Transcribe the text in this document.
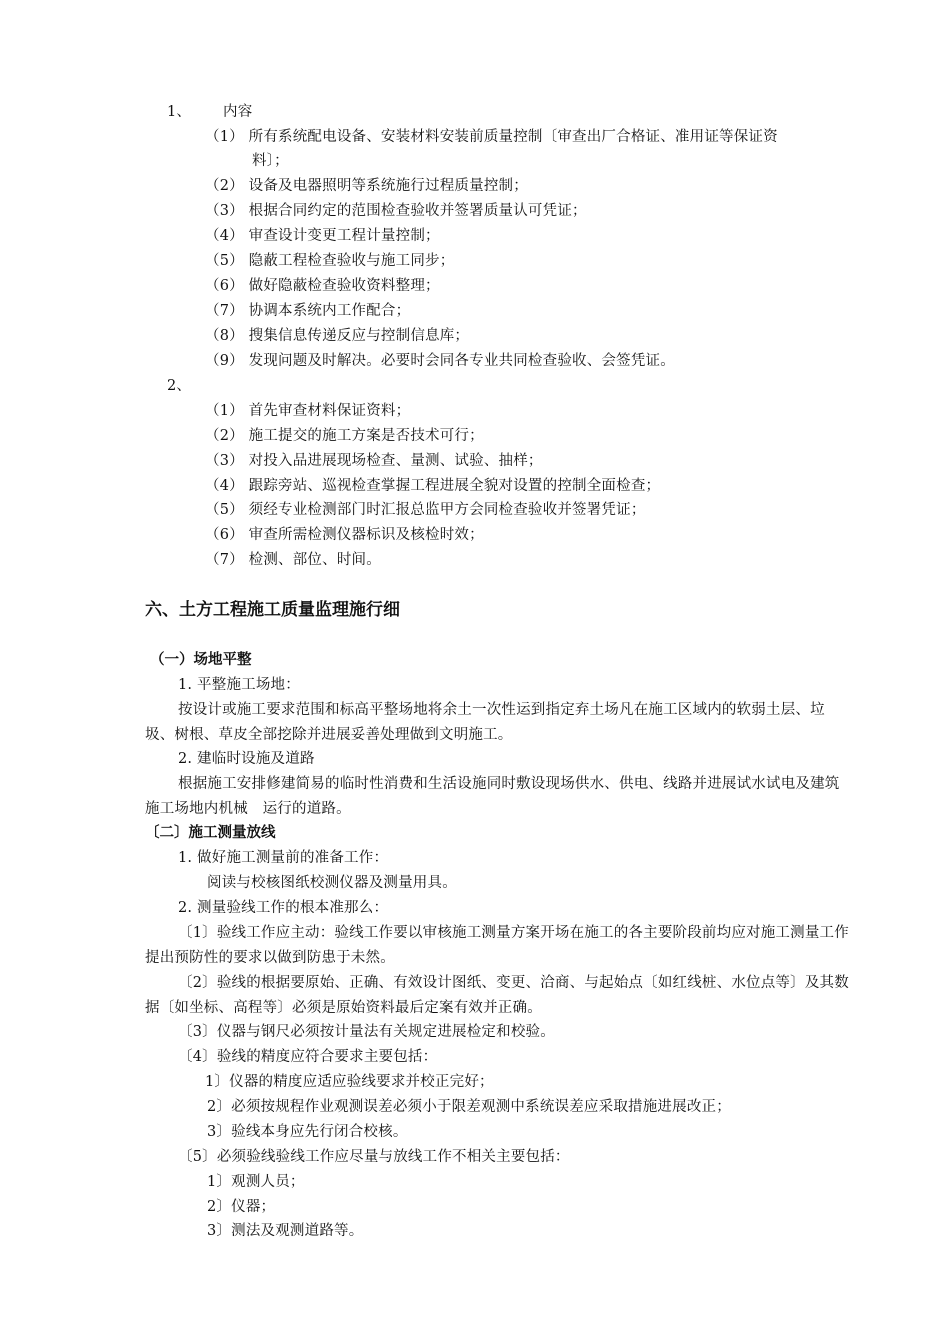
1、 内容
（1） 所有系统配电设备、安装材料安装前质量控制〔审查出厂合格证、准用证等保证资
料〕；
（2） 设备及电器照明等系统施行过程质量控制；
（3） 根据合同约定的范围检查验收并签署质量认可凭证；
（4） 审查设计变更工程计量控制；
（5） 隐蔽工程检查验收与施工同步；
（6） 做好隐蔽检查验收资料整理；
（7） 协调本系统内工作配合；
（8） 搜集信息传递反应与控制信息库；
（9） 发现问题及时解决。必要时会同各专业共同检查验收、会签凭证。
2、
（1） 首先审查材料保证资料；
（2） 施工提交的施工方案是否技术可行；
（3） 对投入品进展现场检查、量测、试验、抽样；
（4） 跟踪旁站、巡视检查掌握工程进展全貌对设置的控制全面检查；
（5） 须经专业检测部门时汇报总监甲方会同检查验收并签署凭证；
（6） 审查所需检测仪器标识及核检时效；
（7） 检测、部位、时间。
六、土方工程施工质量监理施行细
（一）场地平整
1. 平整施工场地：
按设计或施工要求范围和标高平整场地将余土一次性运到指定弃土场凡在施工区域内的软弱土层、垃圾、树根、草皮全部挖除并进展妥善处理做到文明施工。
2. 建临时设施及道路
根据施工安排修建简易的临时性消费和生活设施同时敷设现场供水、供电、线路并进展试水试电及建筑施工场地内机械　运行的道路。
〔二〕施工测量放线
1. 做好施工测量前的准备工作：
阅读与校核图纸校测仪器及测量用具。
2. 测量验线工作的根本准那么：
〔1〕验线工作应主动：验线工作要以审核施工测量方案开场在施工的各主要阶段前均应对施工测量工作提出预防性的要求以做到防患于未然。
〔2〕验线的根据要原始、正确、有效设计图纸、变更、洽商、与起始点〔如红线桩、水位点等〕及其数据〔如坐标、高程等〕必须是原始资料最后定案有效并正确。
〔3〕仪器与钢尺必须按计量法有关规定进展检定和校验。
〔4〕验线的精度应符合要求主要包括：
1〕仪器的精度应适应验线要求并校正完好；
2〕必须按规程作业观测误差必须小于限差观测中系统误差应采取措施进展改正；
3〕验线本身应先行闭合校核。
〔5〕必须验线验线工作应尽量与放线工作不相关主要包括：
1〕观测人员；
2〕仪器；
3〕测法及观测道路等。
